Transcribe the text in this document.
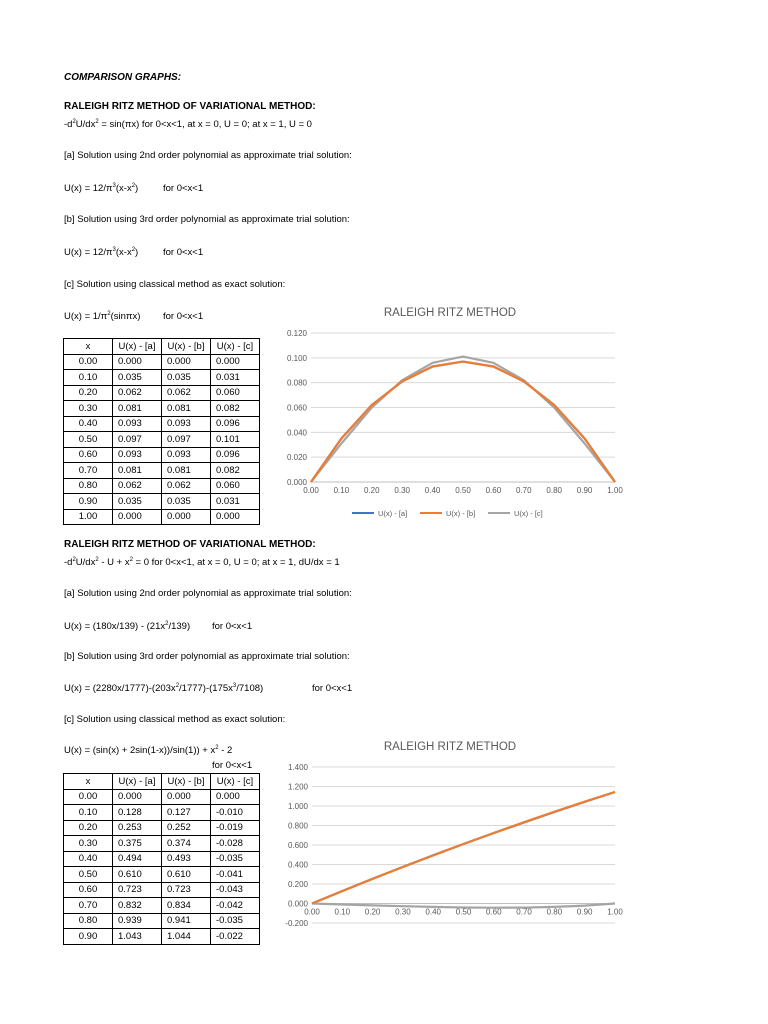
COMPARISON GRAPHS:
RALEIGH RITZ METHOD OF VARIATIONAL METHOD:
$-d^2U/dx^2 = \sin(\pi x)$ for 0<x<1, at x = 0, U = 0; at x = 1, U = 0
[a] Solution using 2nd order polynomial as approximate trial solution:
$U(x) = 12/\pi^3(x-x^2)$	for 0<x<1
[b] Solution using 3rd order polynomial as approximate trial solution:
$U(x) = 12/\pi^3(x-x^2)$	for 0<x<1
[c] Solution using classical method as exact solution:
$U(x) = 1/\pi^2(\sin\pi x)$ for 0<x<1
x	U(x) - [a]	U(x) - [b]	U(x) - [c]
0.00	0.000	0.000	0.000
0.10	0.035	0.035	0.031
0.20	0.062	0.062	0.060
0.30	0.081	0.081	0.082
0.40	0.093	0.093	0.096
0.50	0.097	0.097	0.101
0.60	0.093	0.093	0.096
0.70	0.081	0.081	0.082
0.80	0.062	0.062	0.060
0.90	0.035	0.035	0.031
1.00	0.000	0.000	0.000
RALEIGH RITZ METHOD
0.000
0.020
0.040
0.060
0.080
0.100
0.120
0.00 0.10 0.20 0.30 0.40 0.50 0.60 0.70 0.80 0.90 1.00
U(x) - [a]	U(x) - [b]	U(x) - [c]
RALEIGH RITZ METHOD OF VARIATIONAL METHOD:
$-d^2U/dx^2 - U + x^2 = 0$ for 0<x<1, at x = 0, U = 0; at x = 1, dU/dx = 1
[a] Solution using 2nd order polynomial as approximate trial solution:
$U(x) = (180x/139) - (21x^2/139)$ for 0<x<1
[b] Solution using 3rd order polynomial as approximate trial solution:
$U(x) = (2280x/1777)-(203x^2/1777)-(175x^3/7108)$	for 0<x<1
[c] Solution using classical method as exact solution:
$U(x) = (\sin(x) + 2\sin(1-x))/\sin(1)) + x^2 - 2$
for 0<x<1
x	U(x) - [a]	U(x) - [b]	U(x) - [c]
0.00	0.000	0.000	0.000
0.10	0.128	0.127	-0.010
0.20	0.253	0.252	-0.019
0.30	0.375	0.374	-0.028
0.40	0.494	0.493	-0.035
0.50	0.610	0.610	-0.041
0.60	0.723	0.723	-0.043
0.70	0.832	0.834	-0.042
0.80	0.939	0.941	-0.035
0.90	1.043	1.044	-0.022
RALEIGH RITZ METHOD
-0.200
0.000
0.200
0.400
0.600
0.800
1.000
1.200
1.400
0.00 0.10 0.20 0.30 0.40 0.50 0.60 0.70 0.80 0.90 1.00
